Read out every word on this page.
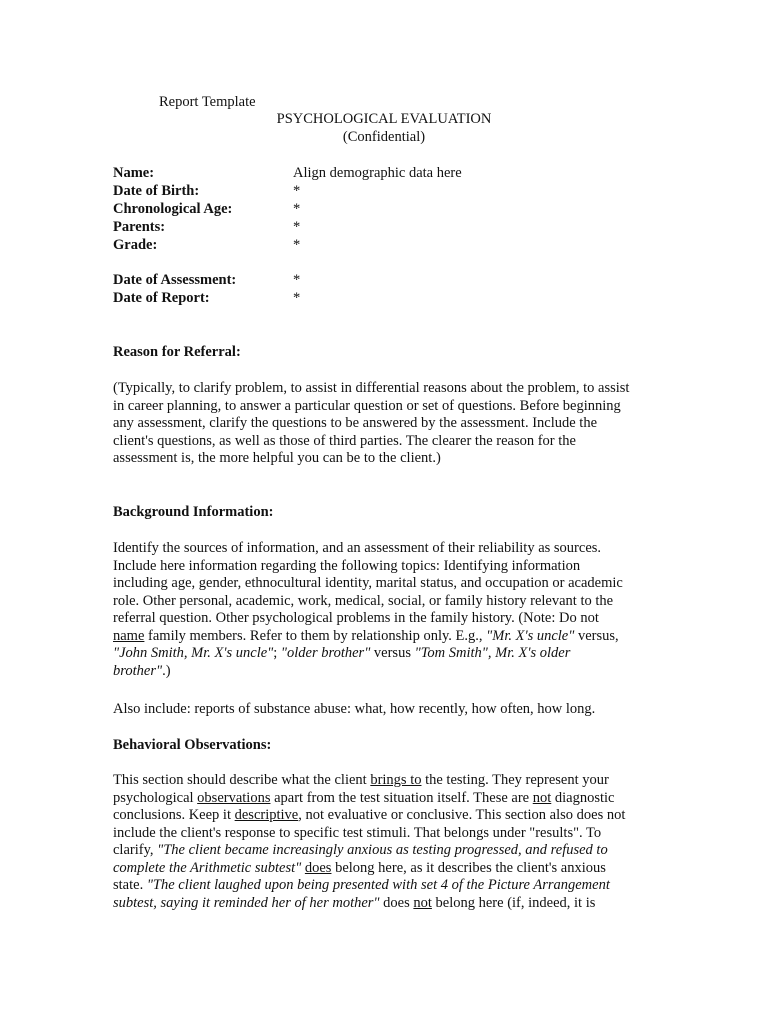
Report Template
PSYCHOLOGICAL EVALUATION
(Confidential)
Name:	Align demographic data here
Date of Birth:	*
Chronological Age:	*
Parents:	*
Grade:	*
Date of Assessment:	*
Date of Report:	*
Reason for Referral:
(Typically, to clarify problem, to assist in differential reasons about the problem, to assist
in career planning, to answer a particular question or set of questions. Before beginning
any assessment, clarify the questions to be answered by the assessment. Include the
client's questions, as well as those of third parties. The clearer the reason for the
assessment is, the more helpful you can be to the client.)
Background Information:
Identify the sources of information, and an assessment of their reliability as sources.
Include here information regarding the following topics: Identifying information
including age, gender, ethnocultural identity, marital status, and occupation or academic
role. Other personal, academic, work, medical, social, or family history relevant to the
referral question. Other psychological problems in the family history. (Note: Do not
name family members. Refer to them by relationship only. E.g., "Mr. X's uncle" versus,
"John Smith, Mr. X's uncle"; "older brother" versus "Tom Smith", Mr. X's older
brother".)
Also include: reports of substance abuse: what, how recently, how often, how long.
Behavioral Observations:
This section should describe what the client brings to the testing. They represent your
psychological observations apart from the test situation itself. These are not diagnostic
conclusions. Keep it descriptive, not evaluative or conclusive. This section also does not
include the client's response to specific test stimuli. That belongs under "results". To
clarify, "The client became increasingly anxious as testing progressed, and refused to
complete the Arithmetic subtest" does belong here, as it describes the client's anxious
state. "The client laughed upon being presented with set 4 of the Picture Arrangement
subtest, saying it reminded her of her mother" does not belong here (if, indeed, it is
